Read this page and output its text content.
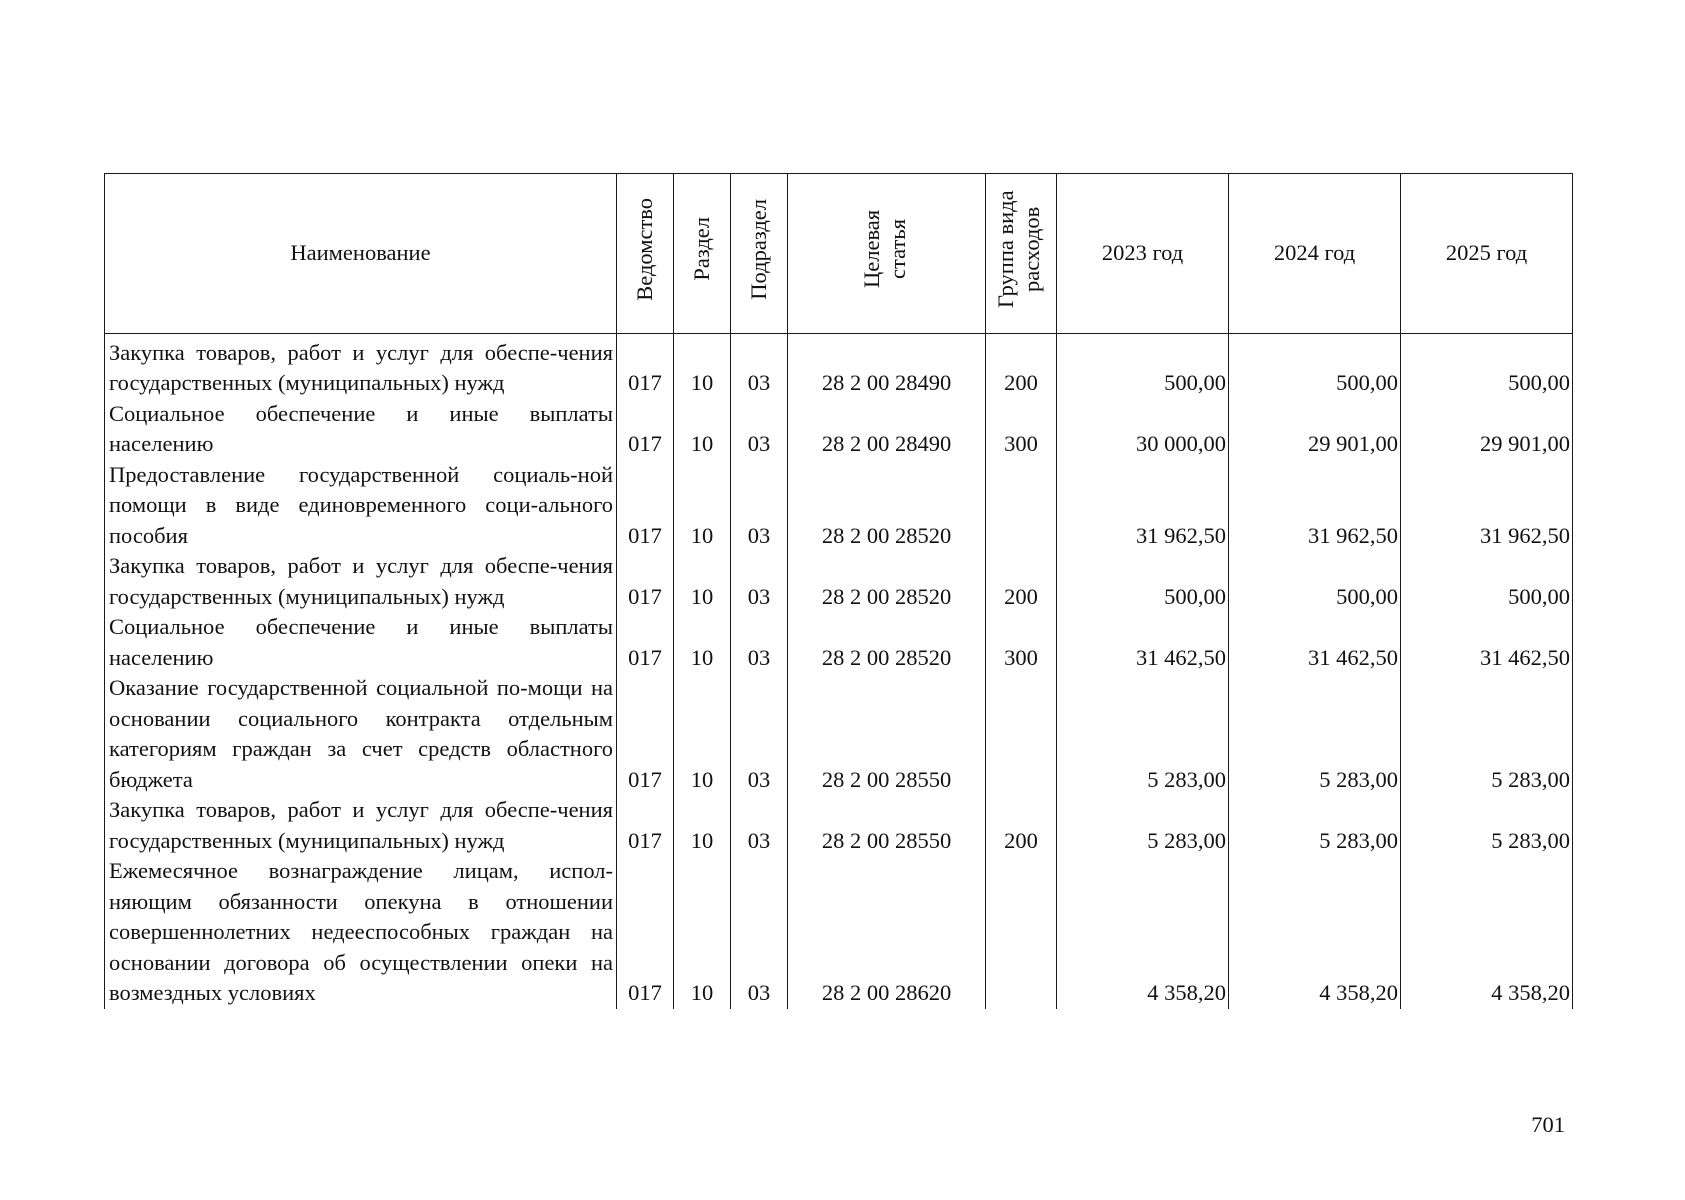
Наименование	Ведомство	Раздел	Подраздел	Целевая статья	Группа вида расходов	2023 год	2024 год	2025 год
Закупка товаров, работ и услуг для обеспе-чения государственных (муниципальных) нужд	017	10	03	28 2 00 28490	200	500,00	500,00	500,00
Социальное обеспечение и иные выплаты населению	017	10	03	28 2 00 28490	300	30 000,00	29 901,00	29 901,00
Предоставление государственной социаль-ной помощи в виде единовременного соци-ального пособия	017	10	03	28 2 00 28520		31 962,50	31 962,50	31 962,50
Закупка товаров, работ и услуг для обеспе-чения государственных (муниципальных) нужд	017	10	03	28 2 00 28520	200	500,00	500,00	500,00
Социальное обеспечение и иные выплаты населению	017	10	03	28 2 00 28520	300	31 462,50	31 462,50	31 462,50
Оказание государственной социальной по-мощи на основании социального контракта отдельным категориям граждан за счет средств областного бюджета	017	10	03	28 2 00 28550		5 283,00	5 283,00	5 283,00
Закупка товаров, работ и услуг для обеспе-чения государственных (муниципальных) нужд	017	10	03	28 2 00 28550	200	5 283,00	5 283,00	5 283,00
Ежемесячное вознаграждение лицам, испол-няющим обязанности опекуна в отношении совершеннолетних недееспособных граждан на основании договора об осуществлении опеки на возмездных условиях	017	10	03	28 2 00 28620		4 358,20	4 358,20	4 358,20
701
